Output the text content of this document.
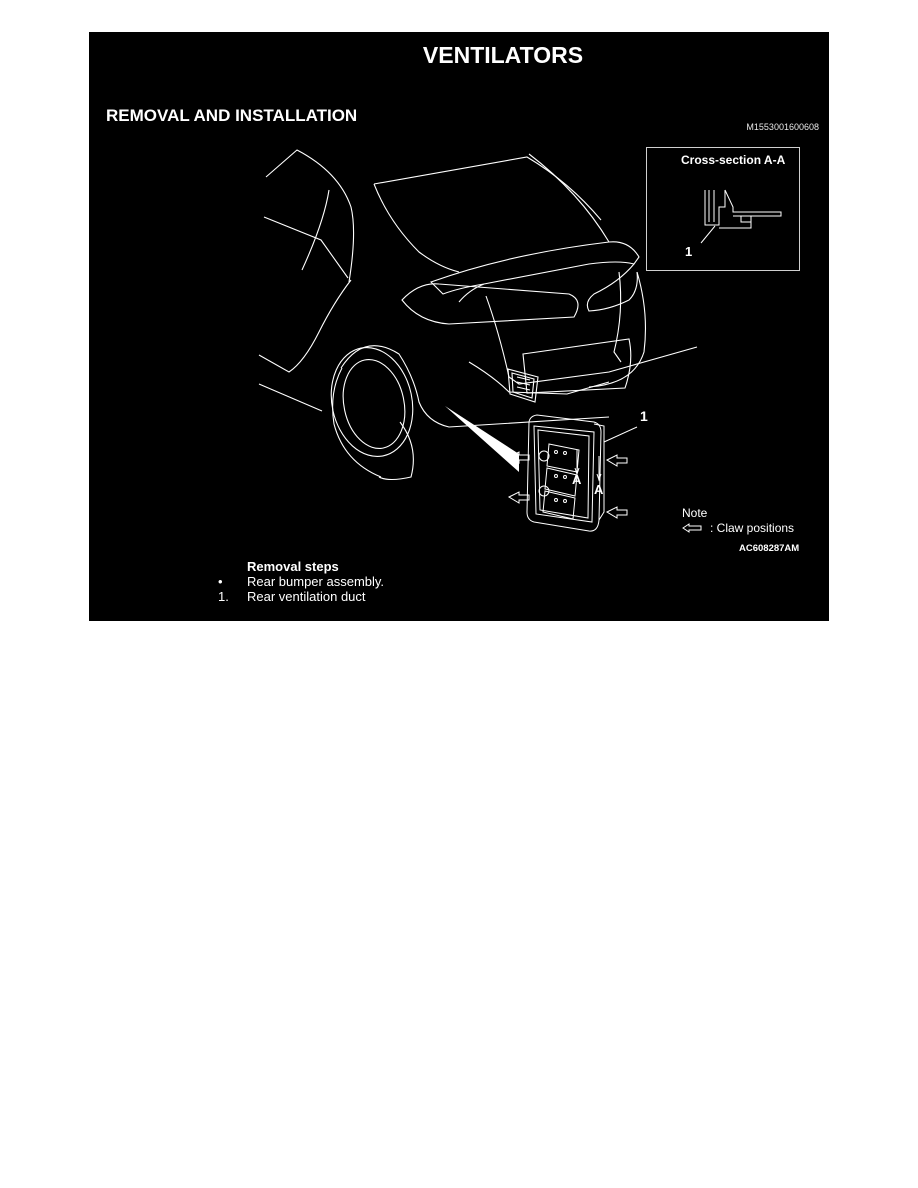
VENTILATORS
REMOVAL AND INSTALLATION
M1553001600608
Cross-section A-A
1
1
A
A
Note
: Claw positions
AC608287AM
Removal steps
•	Rear bumper assembly.
1.	Rear ventilation duct
